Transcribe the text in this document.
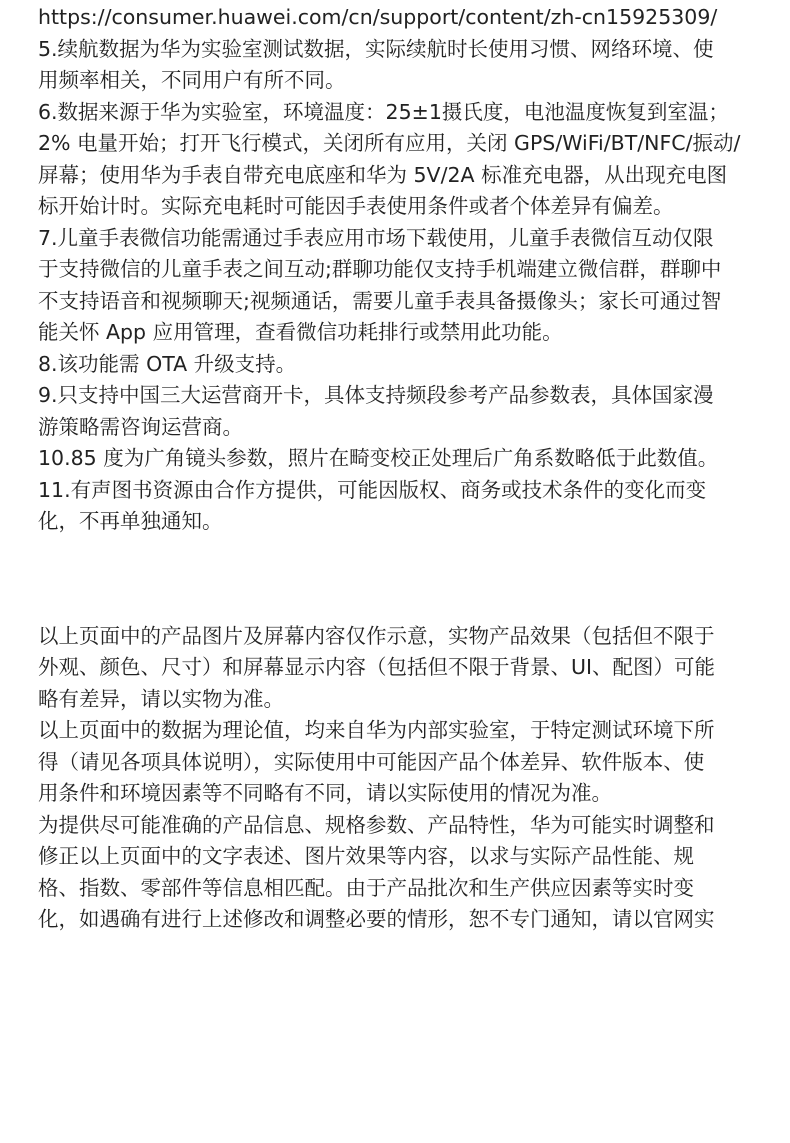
https://consumer.huawei.com/cn/support/content/zh-cn15925309/
5.续航数据为华为实验室测试数据，实际续航时长使用习惯、网络环境、使
用频率相关，不同用户有所不同。
6.数据来源于华为实验室，环境温度：25±1摄氏度，电池温度恢复到室温；
2% 电量开始；打开飞行模式，关闭所有应用，关闭 GPS/WiFi/BT/NFC/振动/
屏幕；使用华为手表自带充电底座和华为 5V/2A 标准充电器，从出现充电图
标开始计时。实际充电耗时可能因手表使用条件或者个体差异有偏差。
7.儿童手表微信功能需通过手表应用市场下载使用，儿童手表微信互动仅限
于支持微信的儿童手表之间互动;群聊功能仅支持手机端建立微信群，群聊中
不支持语音和视频聊天;视频通话，需要儿童手表具备摄像头；家长可通过智
能关怀 App 应用管理，查看微信功耗排行或禁用此功能。
8.该功能需 OTA 升级支持。
9.只支持中国三大运营商开卡，具体支持频段参考产品参数表，具体国家漫
游策略需咨询运营商。
10.85 度为广角镜头参数，照片在畸变校正处理后广角系数略低于此数值。
11.有声图书资源由合作方提供，可能因版权、商务或技术条件的变化而变
化，不再单独通知。
以上页面中的产品图片及屏幕内容仅作示意，实物产品效果（包括但不限于
外观、颜色、尺寸）和屏幕显示内容（包括但不限于背景、UI、配图）可能
略有差异，请以实物为准。
以上页面中的数据为理论值，均来自华为内部实验室，于特定测试环境下所
得（请见各项具体说明），实际使用中可能因产品个体差异、软件版本、使
用条件和环境因素等不同略有不同，请以实际使用的情况为准。
为提供尽可能准确的产品信息、规格参数、产品特性，华为可能实时调整和
修正以上页面中的文字表述、图片效果等内容，以求与实际产品性能、规
格、指数、零部件等信息相匹配。由于产品批次和生产供应因素等实时变
化，如遇确有进行上述修改和调整必要的情形，恕不专门通知，请以官网实
